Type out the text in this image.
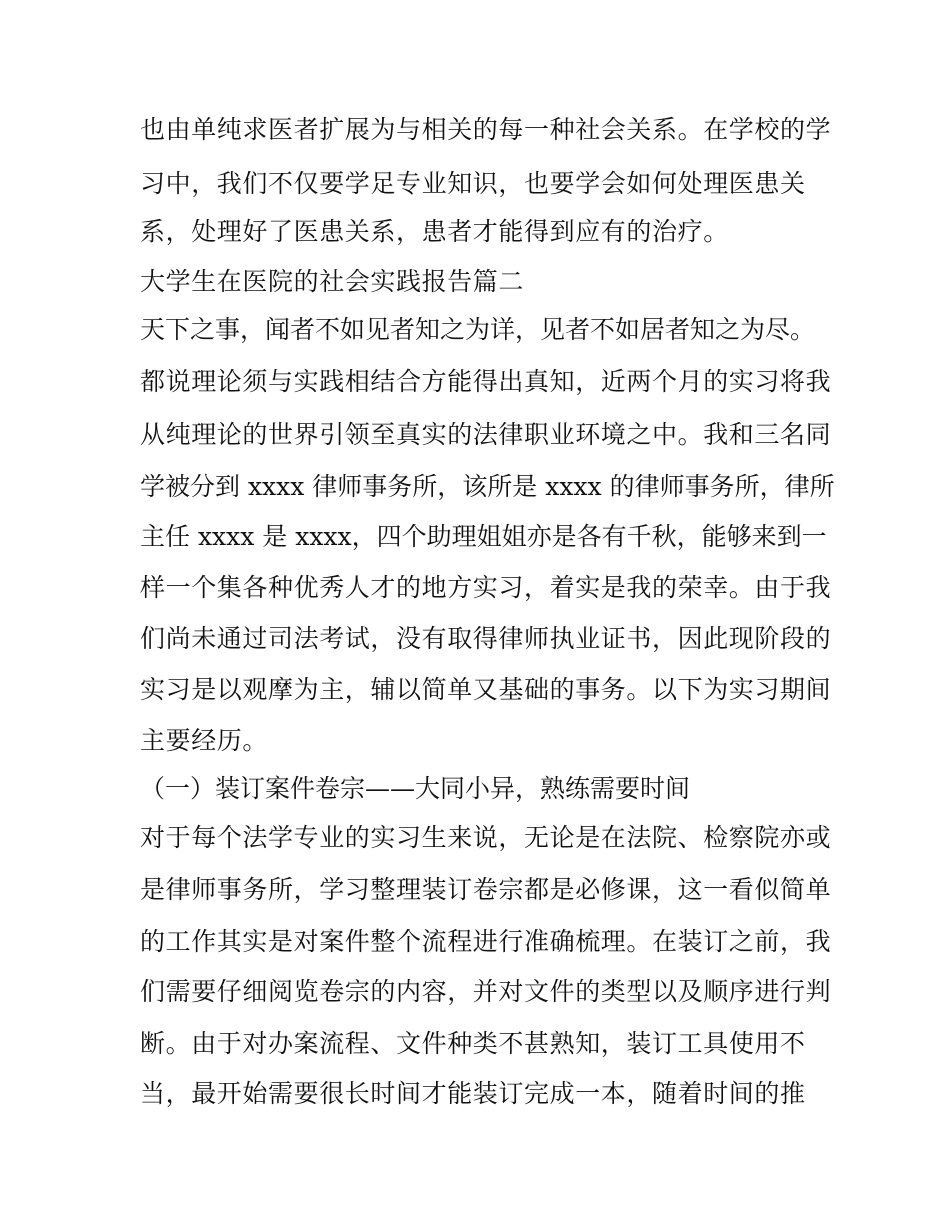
也由单纯求医者扩展为与相关的每一种社会关系。在学校的学
习中，我们不仅要学足专业知识，也要学会如何处理医患关
系，处理好了医患关系，患者才能得到应有的治疗。
大学生在医院的社会实践报告篇二
天下之事，闻者不如见者知之为详，见者不如居者知之为尽。
都说理论须与实践相结合方能得出真知，近两个月的实习将我
从纯理论的世界引领至真实的法律职业环境之中。我和三名同
学被分到 xxxx 律师事务所，该所是 xxxx 的律师事务所，律所
主任 xxxx 是 xxxx，四个助理姐姐亦是各有千秋，能够来到一
样一个集各种优秀人才的地方实习，着实是我的荣幸。由于我
们尚未通过司法考试，没有取得律师执业证书，因此现阶段的
实习是以观摩为主，辅以简单又基础的事务。以下为实习期间
主要经历。
（一）装订案件卷宗——大同小异，熟练需要时间
对于每个法学专业的实习生来说，无论是在法院、检察院亦或
是律师事务所，学习整理装订卷宗都是必修课，这一看似简单
的工作其实是对案件整个流程进行准确梳理。在装订之前，我
们需要仔细阅览卷宗的内容，并对文件的类型以及顺序进行判
断。由于对办案流程、文件种类不甚熟知，装订工具使用不
当，最开始需要很长时间才能装订完成一本，随着时间的推
